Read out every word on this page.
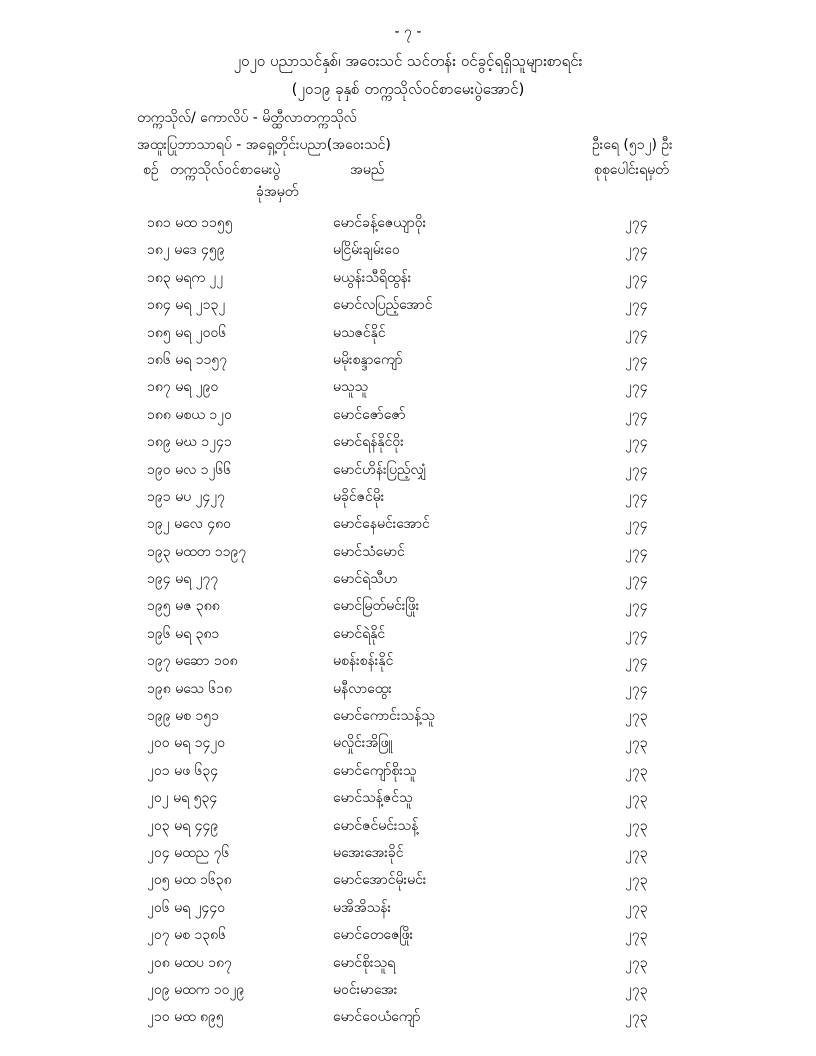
- ၇ -
၂၀၂၀ ပညာသင်နှစ်၊ အဝေးသင် သင်တန်း ဝင်ခွင့်ရရှိသူများစာရင်း
(၂၀၁၉ ခုနှစ် တက္ကသိုလ်ဝင်စာမေးပွဲအောင်)
တက္ကသိုလ်/ ကောလိပ် - မိတ္ထီလာတက္ကသိုလ်
အထူးပြုဘာသာရပ် - အရှေ့တိုင်းပညာ(အဝေးသင်)	ဦးရေ (၅၁၂) ဦး
စဉ် တက္ကသိုလ်ဝင်စာမေးပွဲ	အမည်	စုစုပေါင်းရမှတ်
ခုံအမှတ်
၁၈၁ မထ ၁၁၅၅	မောင်ခန့်ဇေယျာဝိုး	၂၇၄
၁၈၂ မဒေ ၄၅၉	မငြိမ်းချမ်းဝေ	၂၇၄
၁၈၃ မရက ၂၂	မယွန်းသီရိထွန်း	၂၇၄
၁၈၄ မရ ၂၁၃၂	မောင်လပြည့်အောင်	၂၇၄
၁၈၅ မရ ၂၀၀၆	မသဇင်နိုင်	၂၇၄
၁၈၆ မရ ၁၁၅၇	မမိုးစန္ဒာကျော်	၂၇၄
၁၈၇ မရ ၂၉၀	မသူသူ	၂၇၄
၁၈၈ မစယ ၁၂၀	မောင်ဇော်ဇော်	၂၇၄
၁၈၉ မဃ ၁၂၄၁	မောင်ရန်နိုင်ဝိုး	၂၇၄
၁၉၀ မလ ၁၂၆၆	မောင်ဟိန်းပြည့်လျှံ	၂၇၄
၁၉၁ မပ ၂၄၂၇	မခိုင်ဇင်မိုး	၂၇၄
၁၉၂ မလေ ၄၈၀	မောင်နေမင်းအောင်	၂၇၄
၁၉၃ မထတ ၁၁၉၇	မောင်သံမောင်	၂၇၄
၁၉၄ မရ ၂၇၇	မောင်ရဲသီဟ	၂၇၄
၁၉၅ မဇ ၃၈၈	မောင်မြတ်မင်းဖြိုး	၂၇၄
၁၉၆ မရ ၃၈၁	မောင်ရဲနိုင်	၂၇၄
၁၉၇ မဆော ၁၀၈	မစန်းစန်းနိုင်	၂၇၄
၁၉၈ မသေ ၆၁၈	မနီလာထွေး	၂၇၄
၁၉၉ မစ ၁၅၁	မောင်ကောင်းသန့်သူ	၂၇၃
၂၀၀ မရ ၁၄၂၀	မလှိုင်းအိဖြူ	၂၇၃
၂၀၁ မဖ ၆၃၄	မောင်ကျော်စိုးသူ	၂၇၃
၂၀၂ မရ ၅၃၄	မောင်သန့်ဇင်သူ	၂၇၃
၂၀၃ မရ ၄၄၉	မောင်ဇင်မင်းသန့်	၂၇၃
၂၀၄ မထည ၇၆	မအေးအေးခိုင်	၂၇၃
၂၀၅ မထ ၁၆၃၈	မောင်အောင်မိုးမင်း	၂၇၃
၂၀၆ မရ ၂၄၄၀	မအိအိသန်း	၂၇၃
၂၀၇ မစ ၁၃၈၆	မောင်တေဇေဖြိုး	၂၇၃
၂၀၈ မထပ ၁၈၇	မောင်စိုးသူရ	၂၇၃
၂၀၉ မထက ၁၀၂၉	မဝင်းမာအေး	၂၇၃
၂၁၀ မထ ၈၉၅	မောင်ဝေယံကျော်	၂၇၃
